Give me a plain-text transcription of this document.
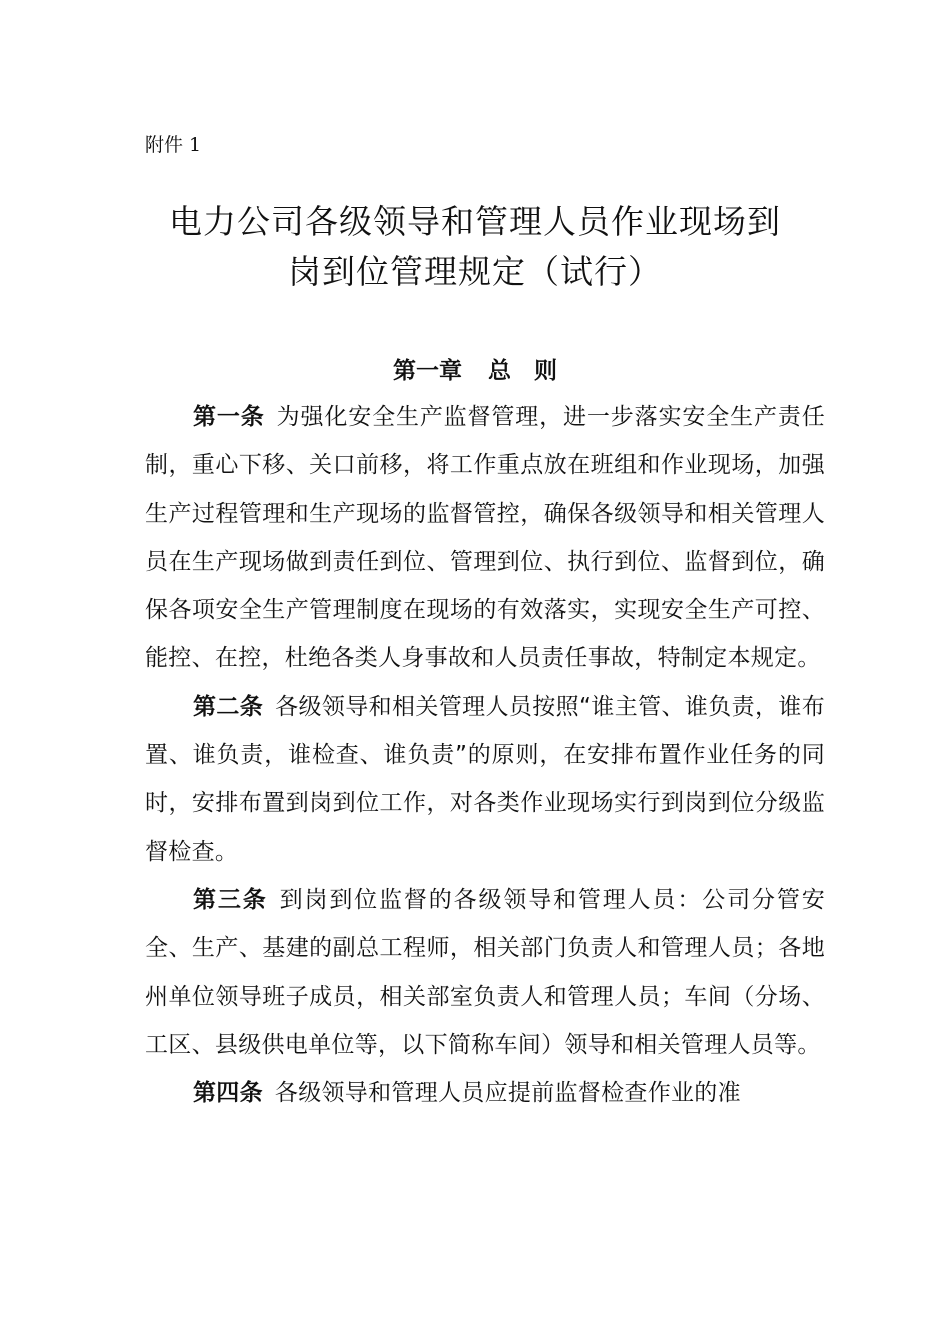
附件 1
电力公司各级领导和管理人员作业现场到
岗到位管理规定（试行）
第一章 总　则

第一条 为强化安全生产监督管理，进一步落实安全生产责任制，重心下移、关口前移，将工作重点放在班组和作业现场，加强生产过程管理和生产现场的监督管控，确保各级领导和相关管理人员在生产现场做到责任到位、管理到位、执行到位、监督到位，确保各项安全生产管理制度在现场的有效落实，实现安全生产可控、能控、在控，杜绝各类人身事故和人员责任事故，特制定本规定。

第二条 各级领导和相关管理人员按照“谁主管、谁负责，谁布置、谁负责，谁检查、谁负责”的原则，在安排布置作业任务的同时，安排布置到岗到位工作，对各类作业现场实行到岗到位分级监督检查。

第三条 到岗到位监督的各级领导和管理人员：公司分管安全、生产、基建的副总工程师，相关部门负责人和管理人员；各地州单位领导班子成员，相关部室负责人和管理人员；车间（分场、工区、县级供电单位等，以下简称车间）领导和相关管理人员等。

第四条 各级领导和管理人员应提前监督检查作业的准
